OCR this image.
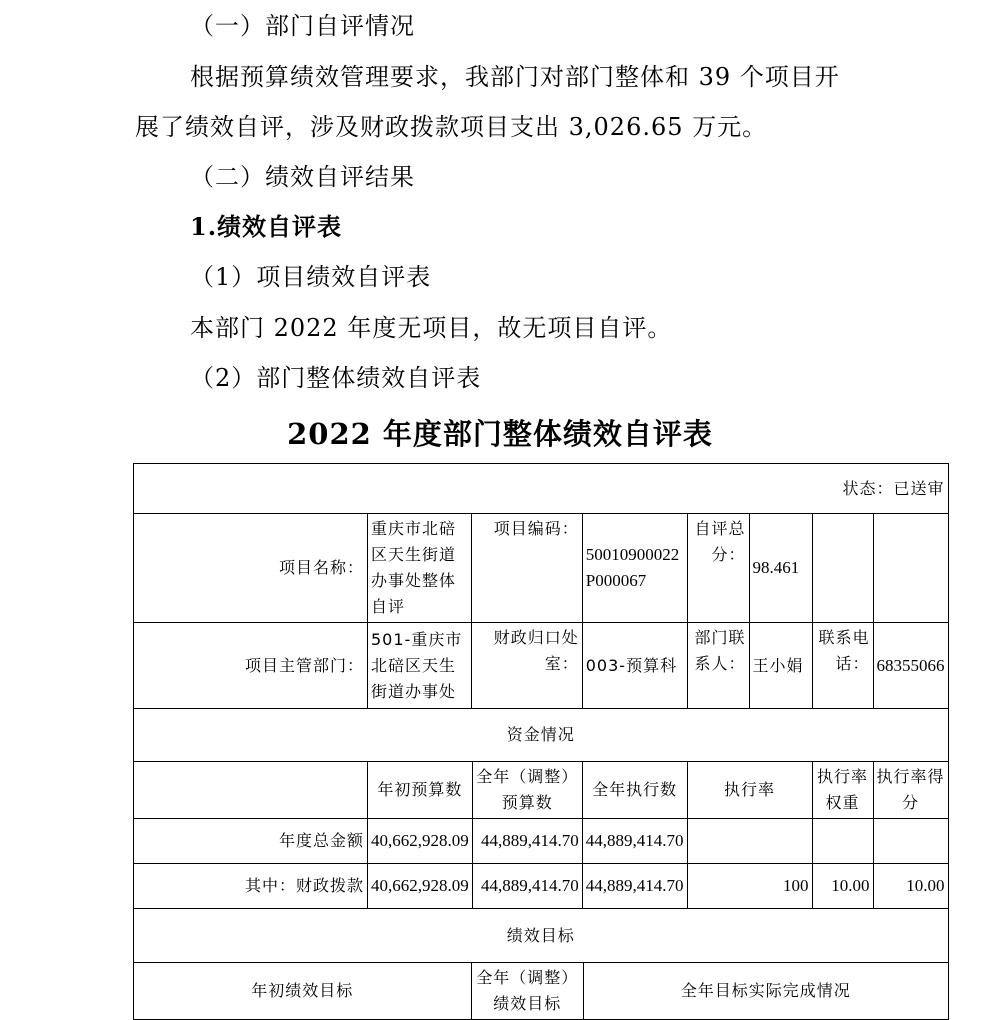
（一）部门自评情况
根据预算绩效管理要求，我部门对部门整体和 39 个项目开
展了绩效自评，涉及财政拨款项目支出 3,026.65 万元。
（二）绩效自评结果
1.绩效自评表
（1）项目绩效自评表
本部门 2022 年度无项目，故无项目自评。
（2）部门整体绩效自评表
2022 年度部门整体绩效自评表
状态：已送审							
项目名称：	重庆市北碚区天生街道办事处整体自评	项目编码：	50010900022P000067	自评总分：	98.461		
项目主管部门：	501-重庆市北碚区天生街道办事处	财政归口处室：	003-预算科	部门联系人：	王小娟	联系电话：	68355066
资金情况							
	年初预算数	全年（调整）预算数	全年执行数	执行率		执行率权重	执行率得分
年度总金额	40,662,928.09	44,889,414.70	44,889,414.70				
其中：财政拨款	40,662,928.09	44,889,414.70	44,889,414.70	100		10.00	10.00
绩效目标							
年初绩效目标		全年（调整）绩效目标	全年目标实际完成情况				
